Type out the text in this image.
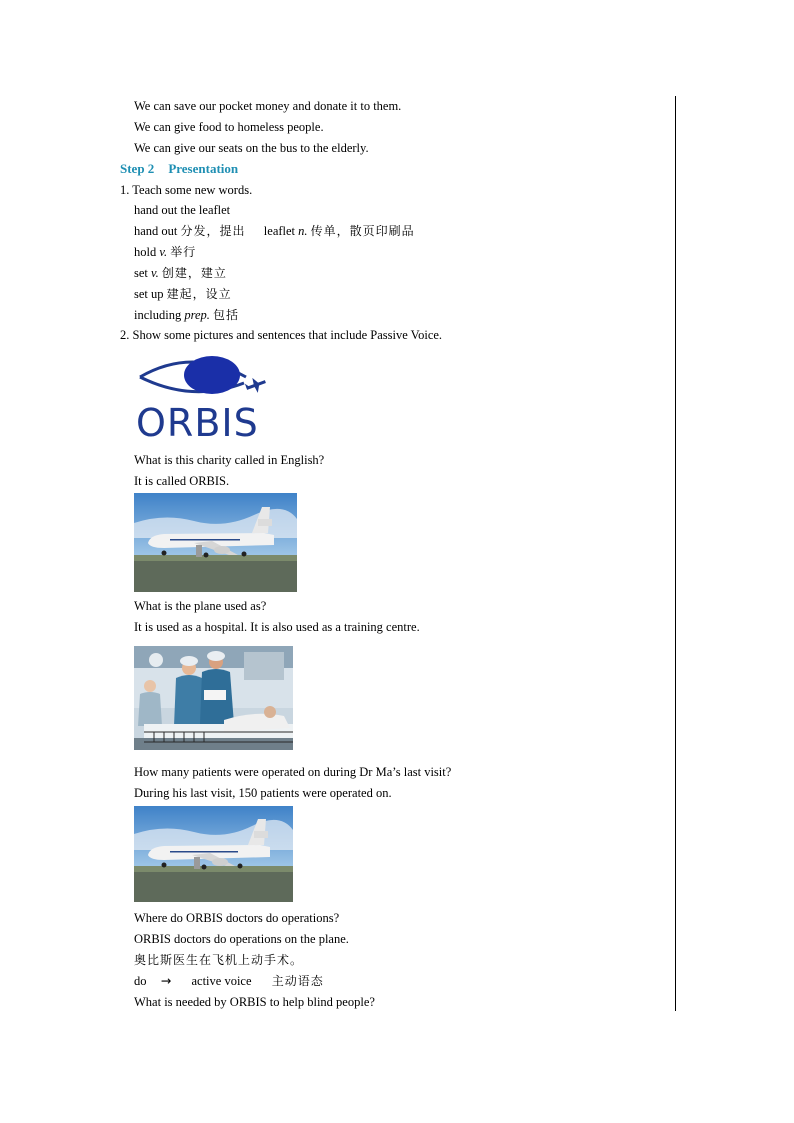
We can save our pocket money and donate it to them.
We can give food to homeless people.
We can give our seats on the bus to the elderly.
Step 2 Presentation
1. Teach some new words.
hand out the leaflet
hand out 分发，提出 leaflet n. 传单，散页印刷品
hold v. 举行
set v. 创建，建立
set up 建起，设立
including prep. 包括
2. Show some pictures and sentences that include Passive Voice.
ORBIS
What is this charity called in English?
It is called ORBIS.
What is the plane used as?
It is used as a hospital. It is also used as a training centre.
How many patients were operated on during Dr Ma’s last visit?
During his last visit, 150 patients were operated on.
Where do ORBIS doctors do operations?
ORBIS doctors do operations on the plane.
奥比斯医生在飞机上动手术。
do → active voice 主动语态
What is needed by ORBIS to help blind people?
